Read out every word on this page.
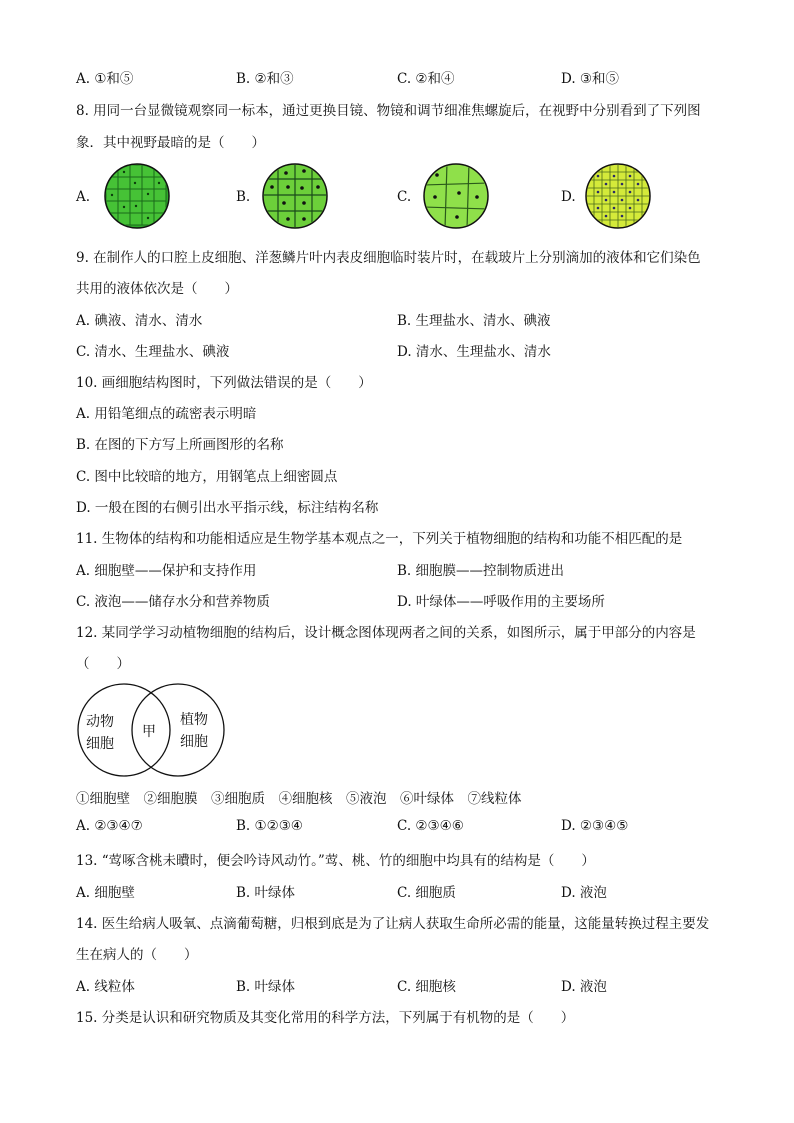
A. ①和⑤	B. ②和③	C. ②和④	D. ③和⑤
8. 用同一台显微镜观察同一标本，通过更换目镜、物镜和调节细准焦螺旋后，在视野中分别看到了下列图
象．其中视野最暗的是（　　）
A.	B.	C.	D.
9. 在制作人的口腔上皮细胞、洋葱鳞片叶内表皮细胞临时装片时，在载玻片上分别滴加的液体和它们染色
共用的液体依次是（　　）
A. 碘液、清水、清水	B. 生理盐水、清水、碘液
C. 清水、生理盐水、碘液	D. 清水、生理盐水、清水
10. 画细胞结构图时，下列做法错误的是（　　）
A. 用铅笔细点的疏密表示明暗
B. 在图的下方写上所画图形的名称
C. 图中比较暗的地方，用钢笔点上细密圆点
D. 一般在图的右侧引出水平指示线，标注结构名称
11. 生物体的结构和功能相适应是生物学基本观点之一，下列关于植物细胞的结构和功能不相匹配的是
A. 细胞壁——保护和支持作用	B. 细胞膜——控制物质进出
C. 液泡——储存水分和营养物质	D. 叶绿体——呼吸作用的主要场所
12. 某同学学习动植物细胞的结构后，设计概念图体现两者之间的关系，如图所示，属于甲部分的内容是
（　　）
动物
细胞
甲
植物
细胞
①细胞壁　②细胞膜　③细胞质　④细胞核　⑤液泡　⑥叶绿体　⑦线粒体
A. ②③④⑦	B. ①②③④	C. ②③④⑥	D. ②③④⑤
13. “莺啄含桃未曊时，便会吟诗风动竹。”莺、桃、竹的细胞中均具有的结构是（　　）
A. 细胞壁	B. 叶绿体	C. 细胞质	D. 液泡
14. 医生给病人吸氧、点滴葡萄糖，归根到底是为了让病人获取生命所必需的能量，这能量转换过程主要发
生在病人的（　　）
A. 线粒体	B. 叶绿体	C. 细胞核	D. 液泡
15. 分类是认识和研究物质及其变化常用的科学方法，下列属于有机物的是（　　）
